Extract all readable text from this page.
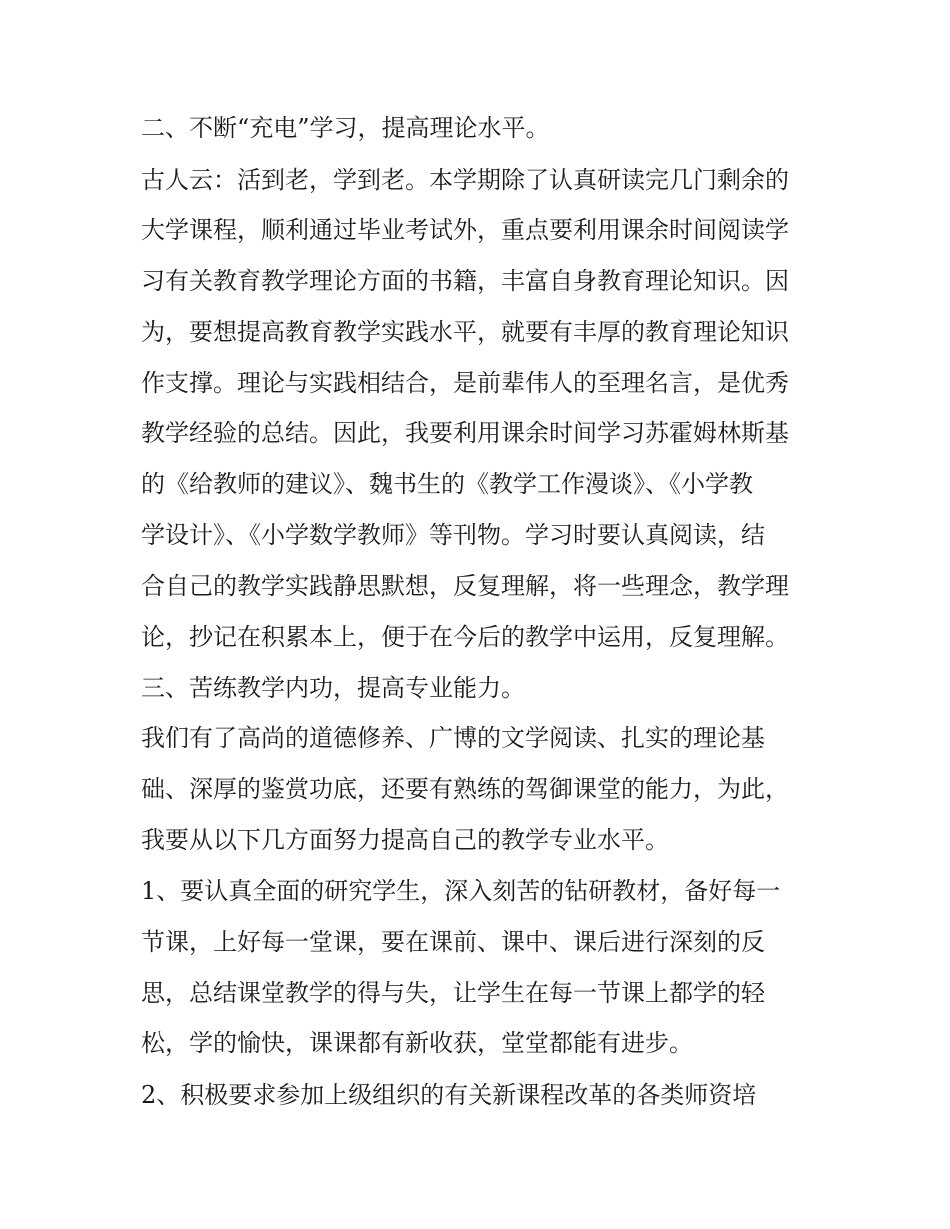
二、不断“充电”学习，提高理论水平。
古人云：活到老，学到老。本学期除了认真研读完几门剩余的
大学课程，顺利通过毕业考试外，重点要利用课余时间阅读学
习有关教育教学理论方面的书籍，丰富自身教育理论知识。因
为，要想提高教育教学实践水平，就要有丰厚的教育理论知识
作支撑。理论与实践相结合，是前辈伟人的至理名言，是优秀
教学经验的总结。因此，我要利用课余时间学习苏霍姆林斯基
的《给教师的建议》、魏书生的《教学工作漫谈》、《小学教
学设计》、《小学数学教师》等刊物。学习时要认真阅读，结
合自己的教学实践静思默想，反复理解，将一些理念，教学理
论，抄记在积累本上，便于在今后的教学中运用，反复理解。
三、苦练教学内功，提高专业能力。
我们有了高尚的道德修养、广博的文学阅读、扎实的理论基
础、深厚的鉴赏功底，还要有熟练的驾御课堂的能力，为此，
我要从以下几方面努力提高自己的教学专业水平。
1、要认真全面的研究学生，深入刻苦的钻研教材，备好每一
节课，上好每一堂课，要在课前、课中、课后进行深刻的反
思，总结课堂教学的得与失，让学生在每一节课上都学的轻
松，学的愉快，课课都有新收获，堂堂都能有进步。
2、积极要求参加上级组织的有关新课程改革的各类师资培
